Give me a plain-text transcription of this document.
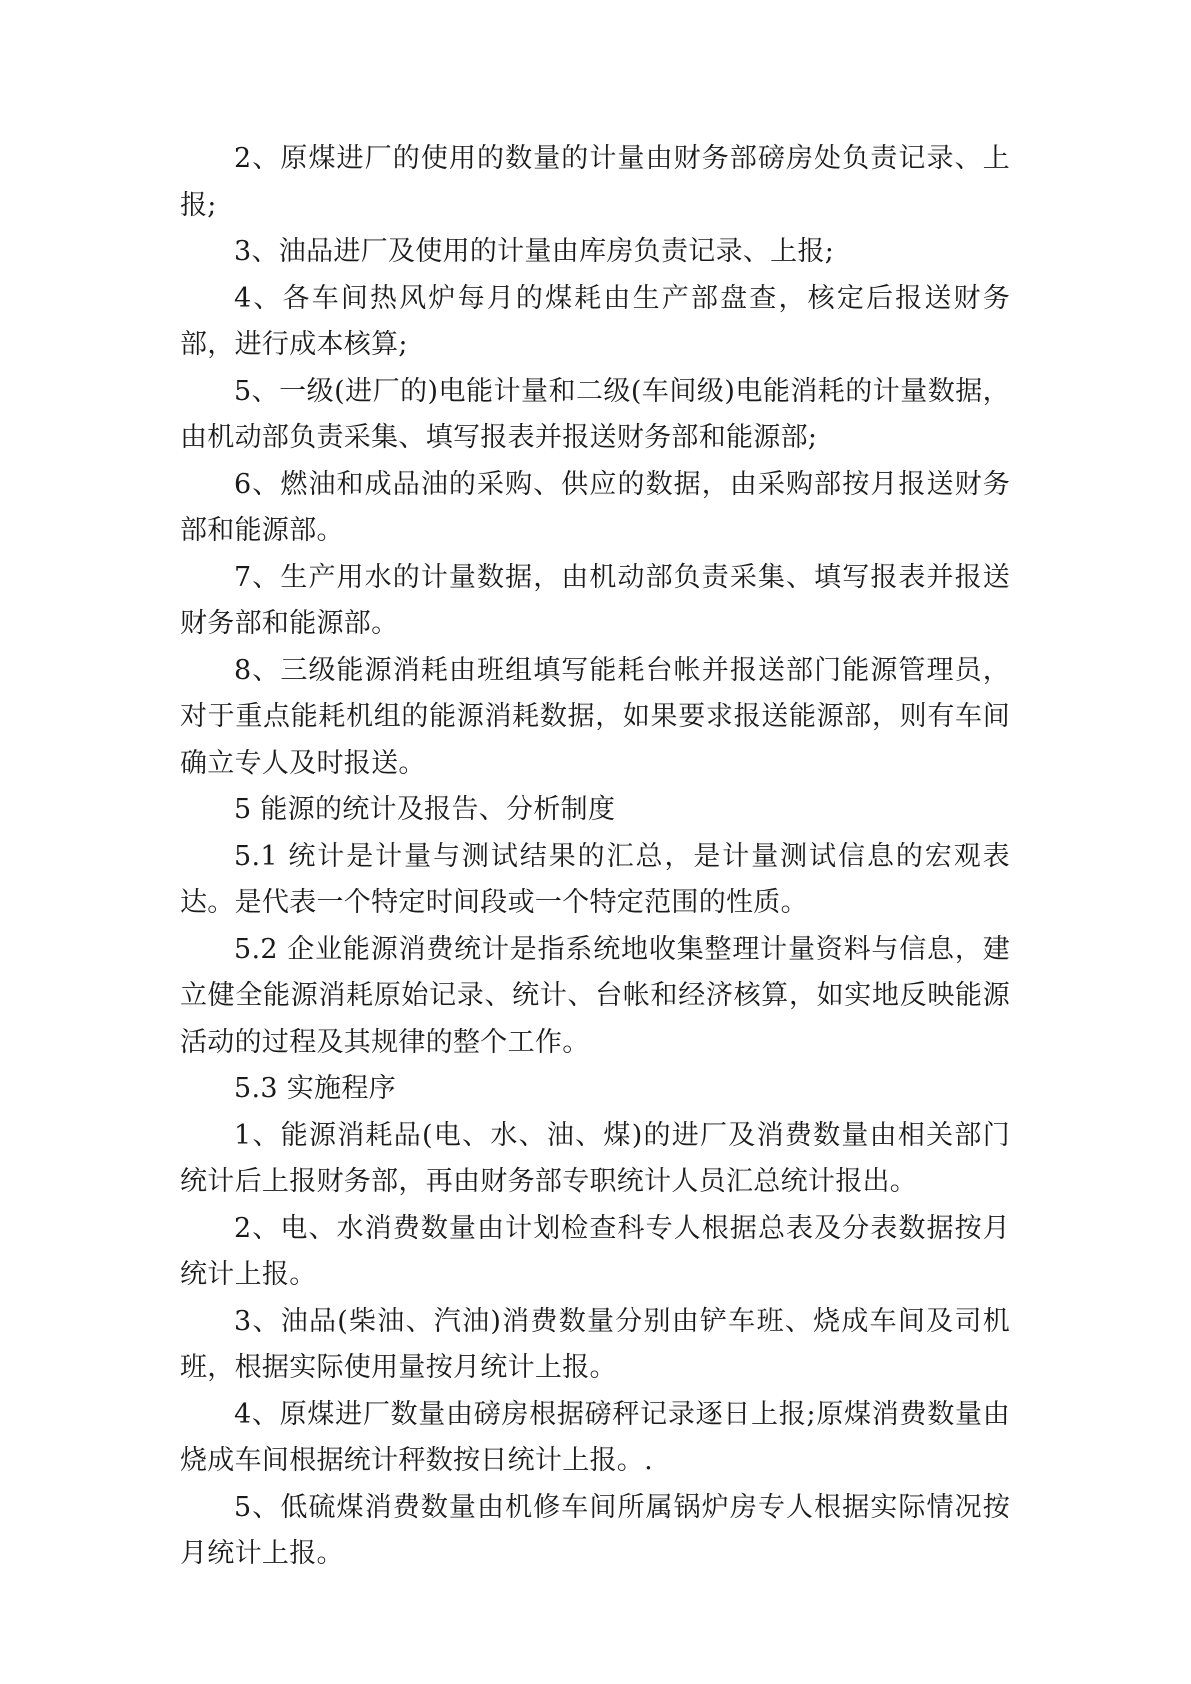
2、原煤进厂的使用的数量的计量由财务部磅房处负责记录、上报;

3、油品进厂及使用的计量由库房负责记录、上报;

4、各车间热风炉每月的煤耗由生产部盘查，核定后报送财务部，进行成本核算;

5、一级(进厂的)电能计量和二级(车间级)电能消耗的计量数据，由机动部负责采集、填写报表并报送财务部和能源部;

6、燃油和成品油的采购、供应的数据，由采购部按月报送财务部和能源部。

7、生产用水的计量数据，由机动部负责采集、填写报表并报送财务部和能源部。

8、三级能源消耗由班组填写能耗台帐并报送部门能源管理员，对于重点能耗机组的能源消耗数据，如果要求报送能源部，则有车间确立专人及时报送。

5 能源的统计及报告、分析制度

5.1 统计是计量与测试结果的汇总，是计量测试信息的宏观表达。是代表一个特定时间段或一个特定范围的性质。

5.2 企业能源消费统计是指系统地收集整理计量资料与信息，建立健全能源消耗原始记录、统计、台帐和经济核算，如实地反映能源活动的过程及其规律的整个工作。

5.3 实施程序

1、能源消耗品(电、水、油、煤)的进厂及消费数量由相关部门统计后上报财务部，再由财务部专职统计人员汇总统计报出。

2、电、水消费数量由计划检查科专人根据总表及分表数据按月统计上报。

3、油品(柴油、汽油)消费数量分别由铲车班、烧成车间及司机班，根据实际使用量按月统计上报。

4、原煤进厂数量由磅房根据磅秤记录逐日上报;原煤消费数量由烧成车间根据统计秤数按日统计上报。.

5、低硫煤消费数量由机修车间所属锅炉房专人根据实际情况按月统计上报。
